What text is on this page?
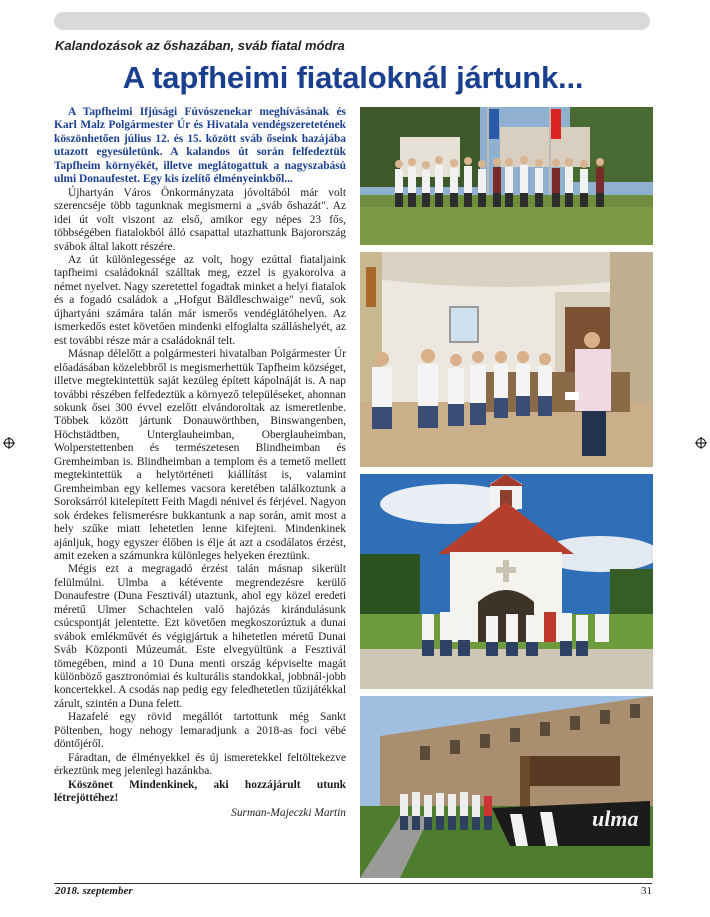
Kalandozások az őshazában, sváb fiatal módra
A tapfheimi fiataloknál jártunk...

A Tapfheimi Ifjúsági Fúvószenekar meghívásának és Karl Malz Polgármester Úr és Hivatala vendégszeretetének köszönhetően július 12. és 15. között sváb őseink hazájába utazott egyesületünk. A kalandos út során felfedeztük Tapfheim környékét, illetve meglátogattuk a nagyszabású ulmi Donaufestet. Egy kis ízelítő élményeinkből...

Újhartyán Város Önkormányzata jóvoltából már volt szerencséje több tagunknak megismerni a „sváb őshazát". Az idei út volt viszont az első, amikor egy népes 23 fős, többségében fiatalokból álló csapattal utazhattunk Bajorország svábok által lakott részére.

Az út különlegessége az volt, hogy ezúttal fiataljaink tapfheimi családoknál szálltak meg, ezzel is gyakorolva a német nyelvet. Nagy szeretettel fogadtak minket a helyi fiatalok és a fogadó családok a „Hofgut Bäldleschwaige" nevű, sok újhartyáni számára talán már ismerős vendéglátóhelyen. Az ismerkedős estet követően mindenki elfoglalta szálláshelyét, az est további része már a családoknál telt.

Másnap délelőtt a polgármesteri hivatalban Polgármester Úr előadásában közelebbről is megismerhettük Tapfheim községet, illetve megtekintettük saját kezüleg épített kápolnáját is. A nap további részében felfedeztük a környező településeket, ahonnan sokunk ősei 300 évvel ezelőtt elvándoroltak az ismeretlenbe. Többek között jártunk Donauwörthben, Binswangenben, Höchstädtben, Unterglauheimban, Oberglauheimban, Wolperstettenben és természetesen Blindheimban és Gremheimban is. Blindheimban a templom és a temető mellett megtekintettük a helytörténeti kiállítást is, valamint Gremheimban egy kellemes vacsora keretében találkoztunk a Soroksárról kitelepített Feith Magdi nénivel és férjével. Nagyon sok érdekes felismerésre bukkantunk a nap során, amit most a hely szűke miatt lehetetlen lenne kifejteni. Mindenkinek ajánljuk, hogy egyszer élőben is élje át azt a csodálatos érzést, amit ezeken a számunkra különleges helyeken éreztünk.

Mégis ezt a megragadó érzést talán másnap sikerült felülmúlni. Ulmba a kétévente megrendezésre kerülő Donaufestre (Duna Fesztivál) utaztunk, ahol egy közel eredeti méretű Ulmer Schachtelen való hajózás kirándulásunk csúcspontját jelentette. Ezt követően megkoszorúztuk a dunai svábok emlékművét és végigjártuk a hihetetlen méretű Dunai Sváb Központi Múzeumát. Este elvegyültünk a Fesztivál tömegében, mind a 10 Duna menti ország képviselte magát különböző gasztronómiai és kulturális standokkal, jobbnál-jobb koncertekkel. A csodás nap pedig egy feledhetetlen tűzijátékkal zárult, szintén a Duna felett.

Hazafelé egy rövid megállót tartottunk még Sankt Pöltenben, hogy nehogy lemaradjunk a 2018-as foci vébé döntőjéről.

Fáradtan, de élményekkel és új ismeretekkel feltöltekezve érkeztünk meg jelenlegi hazánkba.

Köszönet Mindenkinek, aki hozzájárult utunk létrejöttéhez!

Surman-Majeczki Martin	ulma
2018. szeptember	31
